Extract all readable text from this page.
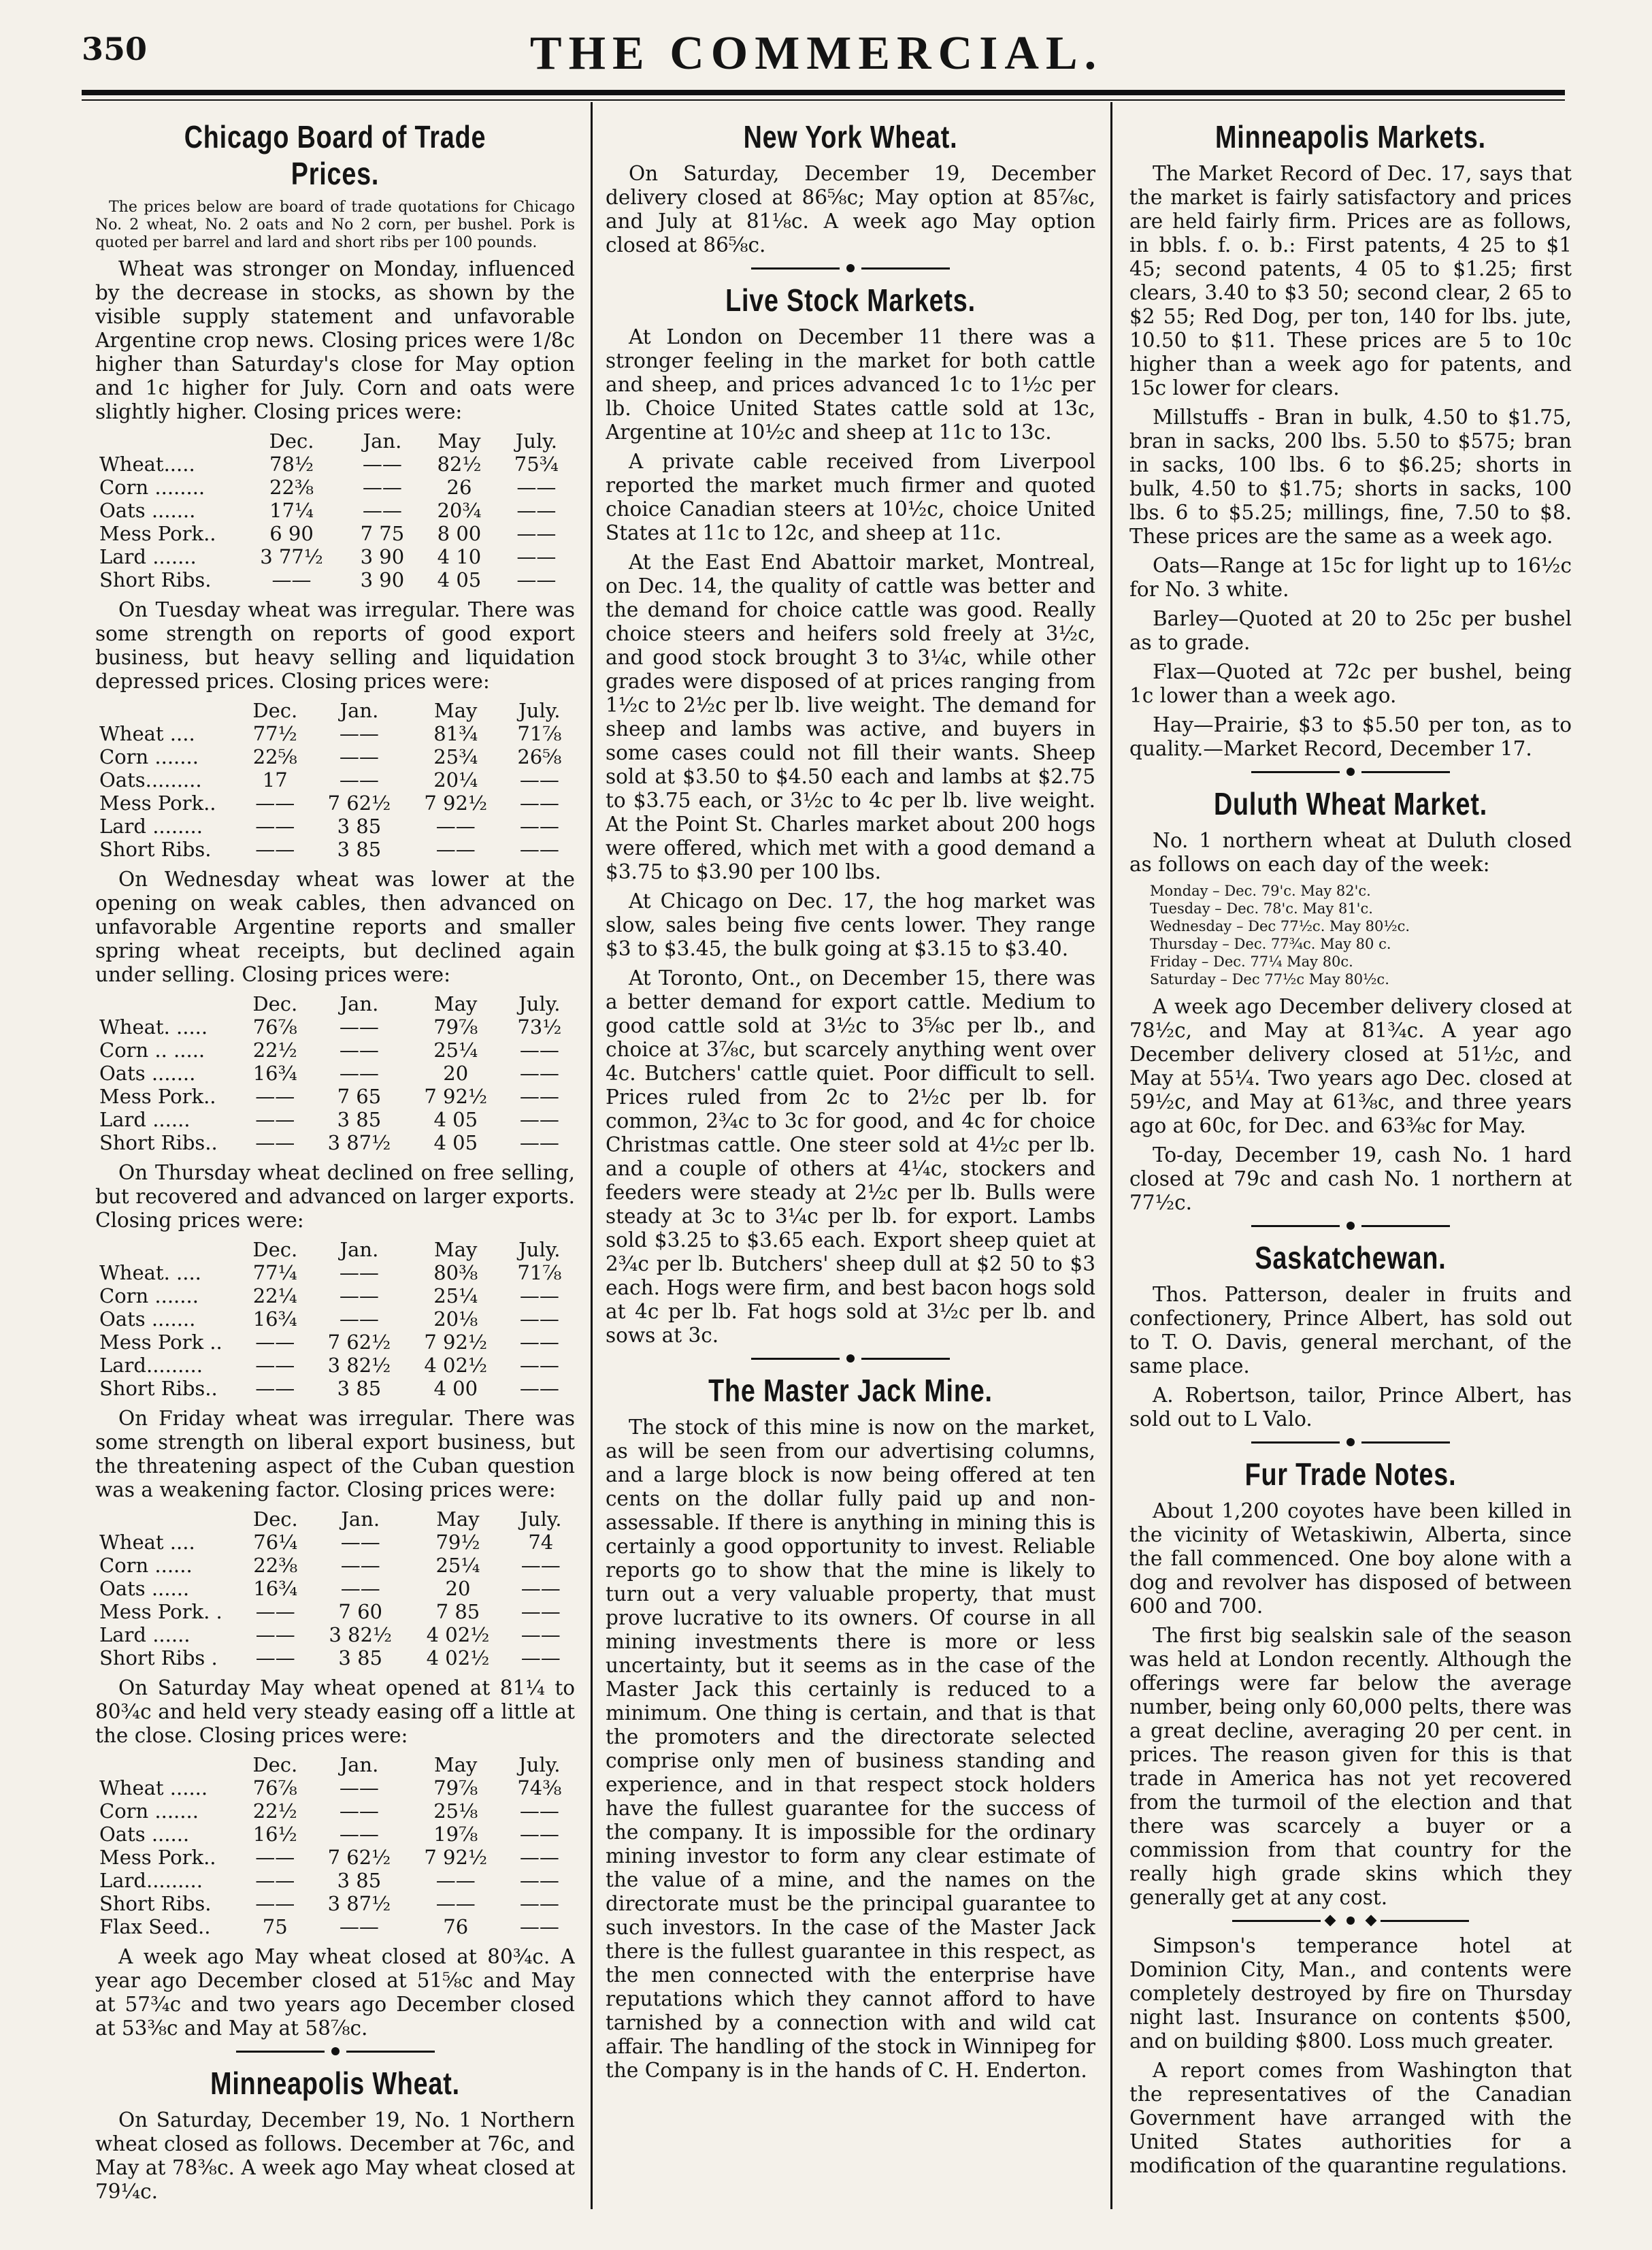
350	THE COMMERCIAL.
Chicago Board of Trade Prices.

The prices below are board of trade quotations for Chicago No. 2 wheat, No. 2 oats and No 2 corn, per bushel. Pork is quoted per barrel and lard and short ribs per 100 pounds.

Wheat was stronger on Monday, influenced by the decrease in stocks, as shown by the visible supply statement and unfavorable Argentine crop news. Closing prices were 1/8c higher than Saturday's close for May option and 1c higher for July. Corn and oats were slightly higher. Closing prices were:

	Dec.	Jan.	May	July.
Wheat.....	78½	——	82½	75¾
Corn ........	22⅜	——	26	——
Oats .......	17¼	——	20¾	——
Mess Pork..	6 90	7 75	8 00	——
Lard .......	3 77½	3 90	4 10	——
Short Ribs.	——	3 90	4 05	——

On Tuesday wheat was irregular. There was some strength on reports of good export business, but heavy selling and liquidation depressed prices. Closing prices were:

	Dec.	Jan.	May	July.
Wheat ....	77½	——	81¾	71⅞
Corn .......	22⅝	——	25¾	26⅝
Oats.........	17	——	20¼	——
Mess Pork..	——	7 62½	7 92½	——
Lard ........	——	3 85	——	——
Short Ribs.	——	3 85	——	——

On Wednesday wheat was lower at the opening on weak cables, then advanced on unfavorable Argentine reports and smaller spring wheat receipts, but declined again under selling. Closing prices were:

	Dec.	Jan.	May	July.
Wheat. .....	76⅞	——	79⅞	73½
Corn .. .....	22½	——	25¼	——
Oats .......	16¾	——	20	——
Mess Pork..	——	7 65	7 92½	——
Lard ......	——	3 85	4 05	——
Short Ribs..	——	3 87½	4 05	——

On Thursday wheat declined on free selling, but recovered and advanced on larger exports. Closing prices were:

	Dec.	Jan.	May	July.
Wheat. ....	77¼	——	80⅜	71⅞
Corn .......	22¼	——	25¼	——
Oats .......	16¾	——	20⅛	——
Mess Pork ..	——	7 62½	7 92½	——
Lard.........	——	3 82½	4 02½	——
Short Ribs..	——	3 85	4 00	——

On Friday wheat was irregular. There was some strength on liberal export business, but the threatening aspect of the Cuban question was a weakening factor. Closing prices were:

	Dec.	Jan.	May	July.
Wheat ....	76¼	——	79½	74
Corn ......	22⅜	——	25¼	——
Oats ......	16¾	——	20	——
Mess Pork. .	——	7 60	7 85	——
Lard ......	——	3 82½	4 02½	——
Short Ribs .	——	3 85	4 02½	——

On Saturday May wheat opened at 81¼ to 80¾c and held very steady easing off a little at the close. Closing prices were:

	Dec.	Jan.	May	July.
Wheat ......	76⅞	——	79⅞	74⅜
Corn .......	22½	——	25⅛	——
Oats ......	16½	——	19⅞	——
Mess Pork..	——	7 62½	7 92½	——
Lard.........	——	3 85	——	——
Short Ribs.	——	3 87½	——	——
Flax Seed..	75	——	76	——

A week ago May wheat closed at 80¾c. A year ago December closed at 51⅝c and May at 57¾c and two years ago December closed at 53⅜c and May at 58⅞c.

Minneapolis Wheat.

On Saturday, December 19, No. 1 Northern wheat closed as follows. December at 76c, and May at 78⅜c. A week ago May wheat closed at 79¼c.

New York Wheat.

On Saturday, December 19, December delivery closed at 86⅝c; May option at 85⅞c, and July at 81⅛c. A week ago May option closed at 86⅝c.

Live Stock Markets.

At London on December 11 there was a stronger feeling in the market for both cattle and sheep, and prices advanced 1c to 1½c per lb. Choice United States cattle sold at 13c, Argentine at 10½c and sheep at 11c to 13c.

A private cable received from Liverpool reported the market much firmer and quoted choice Canadian steers at 10½c, choice United States at 11c to 12c, and sheep at 11c.

At the East End Abattoir market, Montreal, on Dec. 14, the quality of cattle was better and the demand for choice cattle was good. Really choice steers and heifers sold freely at 3½c, and good stock brought 3 to 3¼c, while other grades were disposed of at prices ranging from 1½c to 2½c per lb. live weight. The demand for sheep and lambs was active, and buyers in some cases could not fill their wants. Sheep sold at $3.50 to $4.50 each and lambs at $2.75 to $3.75 each, or 3½c to 4c per lb. live weight. At the Point St. Charles market about 200 hogs were offered, which met with a good demand a $3.75 to $3.90 per 100 lbs.

At Chicago on Dec. 17, the hog market was slow, sales being five cents lower. They range $3 to $3.45, the bulk going at $3.15 to $3.40.

At Toronto, Ont., on December 15, there was a better demand for export cattle. Medium to good cattle sold at 3½c to 3⅝c per lb., and choice at 3⅞c, but scarcely anything went over 4c. Butchers' cattle quiet. Poor difficult to sell. Prices ruled from 2c to 2½c per lb. for common, 2¾c to 3c for good, and 4c for choice Christmas cattle. One steer sold at 4½c per lb. and a couple of others at 4¼c, stockers and feeders were steady at 2½c per lb. Bulls were steady at 3c to 3¼c per lb. for export. Lambs sold $3.25 to $3.65 each. Export sheep quiet at 2¾c per lb. Butchers' sheep dull at $2 50 to $3 each. Hogs were firm, and best bacon hogs sold at 4c per lb. Fat hogs sold at 3½c per lb. and sows at 3c.

The Master Jack Mine.

The stock of this mine is now on the market, as will be seen from our advertising columns, and a large block is now being offered at ten cents on the dollar fully paid up and non-assessable. If there is anything in mining this is certainly a good opportunity to invest. Reliable reports go to show that the mine is likely to turn out a very valuable property, that must prove lucrative to its owners. Of course in all mining investments there is more or less uncertainty, but it seems as in the case of the Master Jack this certainly is reduced to a minimum. One thing is certain, and that is that the promoters and the directorate selected comprise only men of business standing and experience, and in that respect stock holders have the fullest guarantee for the success of the company. It is impossible for the ordinary mining investor to form any clear estimate of the value of a mine, and the names on the directorate must be the principal guarantee to such investors. In the case of the Master Jack there is the fullest guarantee in this respect, as the men connected with the enterprise have reputations which they cannot afford to have tarnished by a connection with and wild cat affair. The handling of the stock in Winnipeg for the Company is in the hands of C. H. Enderton.

Minneapolis Markets.

The Market Record of Dec. 17, says that the market is fairly satisfactory and prices are held fairly firm. Prices are as follows, in bbls. f. o. b.: First patents, 4 25 to $1 45; second patents, 4 05 to $1.25; first clears, 3.40 to $3 50; second clear, 2 65 to $2 55; Red Dog, per ton, 140 for lbs. jute, 10.50 to $11. These prices are 5 to 10c higher than a week ago for patents, and 15c lower for clears.

Millstuffs - Bran in bulk, 4.50 to $1.75, bran in sacks, 200 lbs. 5.50 to $575; bran in sacks, 100 lbs. 6 to $6.25; shorts in bulk, 4.50 to $1.75; shorts in sacks, 100 lbs. 6 to $5.25; millings, fine, 7.50 to $8. These prices are the same as a week ago.

Oats—Range at 15c for light up to 16½c for No. 3 white.

Barley—Quoted at 20 to 25c per bushel as to grade.

Flax—Quoted at 72c per bushel, being 1c lower than a week ago.

Hay—Prairie, $3 to $5.50 per ton, as to quality.—Market Record, December 17.

Duluth Wheat Market.

No. 1 northern wheat at Duluth closed as follows on each day of the week:

Monday – Dec. 79'c. May 82'c.
Tuesday – Dec. 78'c. May 81'c.
Wednesday – Dec 77½c. May 80½c.
Thursday – Dec. 77¾c. May 80 c.
Friday – Dec. 77¼ May 80c.
Saturday – Dec 77½c May 80½c.

A week ago December delivery closed at 78½c, and May at 81¾c. A year ago December delivery closed at 51½c, and May at 55¼. Two years ago Dec. closed at 59½c, and May at 61⅜c, and three years ago at 60c, for Dec. and 63⅜c for May.

To-day, December 19, cash No. 1 hard closed at 79c and cash No. 1 northern at 77½c.

Saskatchewan.

Thos. Patterson, dealer in fruits and confectionery, Prince Albert, has sold out to T. O. Davis, general merchant, of the same place.

A. Robertson, tailor, Prince Albert, has sold out to L Valo.

Fur Trade Notes.

About 1,200 coyotes have been killed in the vicinity of Wetaskiwin, Alberta, since the fall commenced. One boy alone with a dog and revolver has disposed of between 600 and 700.

The first big sealskin sale of the season was held at London recently. Although the offerings were far below the average number, being only 60,000 pelts, there was a great decline, averaging 20 per cent. in prices. The reason given for this is that trade in America has not yet recovered from the turmoil of the election and that there was scarcely a buyer or a commission from that country for the really high grade skins which they generally get at any cost.

Simpson's temperance hotel at Dominion City, Man., and contents were completely destroyed by fire on Thursday night last. Insurance on contents $500, and on building $800. Loss much greater.

A report comes from Washington that the representatives of the Canadian Government have arranged with the United States authorities for a modification of the quarantine regulations.
